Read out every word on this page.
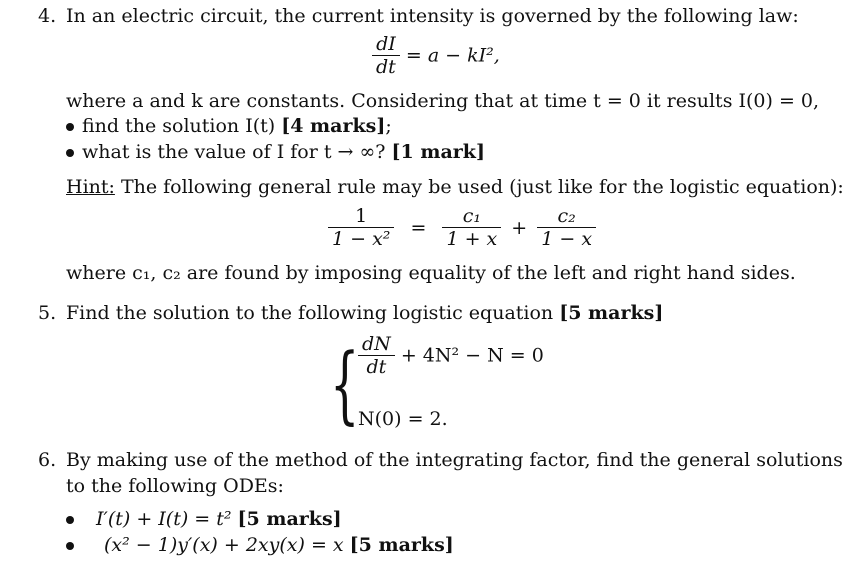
4. In an electric circuit, the current intensity is governed by the following law:
$\frac{dI}{dt} = a - kI^2$,
where a and k are constants. Considering that at time t = 0 it results I(0) = 0,
find the solution I(t) [4 marks];
what is the value of I for t → ∞? [1 mark]
Hint: The following general rule may be used (just like for the logistic equation):
$\frac{1}{\text{1 − x²}} = \frac{\text{c₁}}{1 + x} + \frac{\text{c₂}}{1 - x}$
where c₁, c₂ are found by imposing equality of the left and right hand sides.
5. Find the solution to the following logistic equation [5 marks]
{
$\frac{dN}{dt} + 4N^2 - N = 0$
N(0) = 2.
6. By making use of the method of the integrating factor, find the general solutions
to the following ODEs:
I′(t) + I(t) = t² [5 marks]
(x² − 1)y′(x) + 2xy(x) = x [5 marks]
